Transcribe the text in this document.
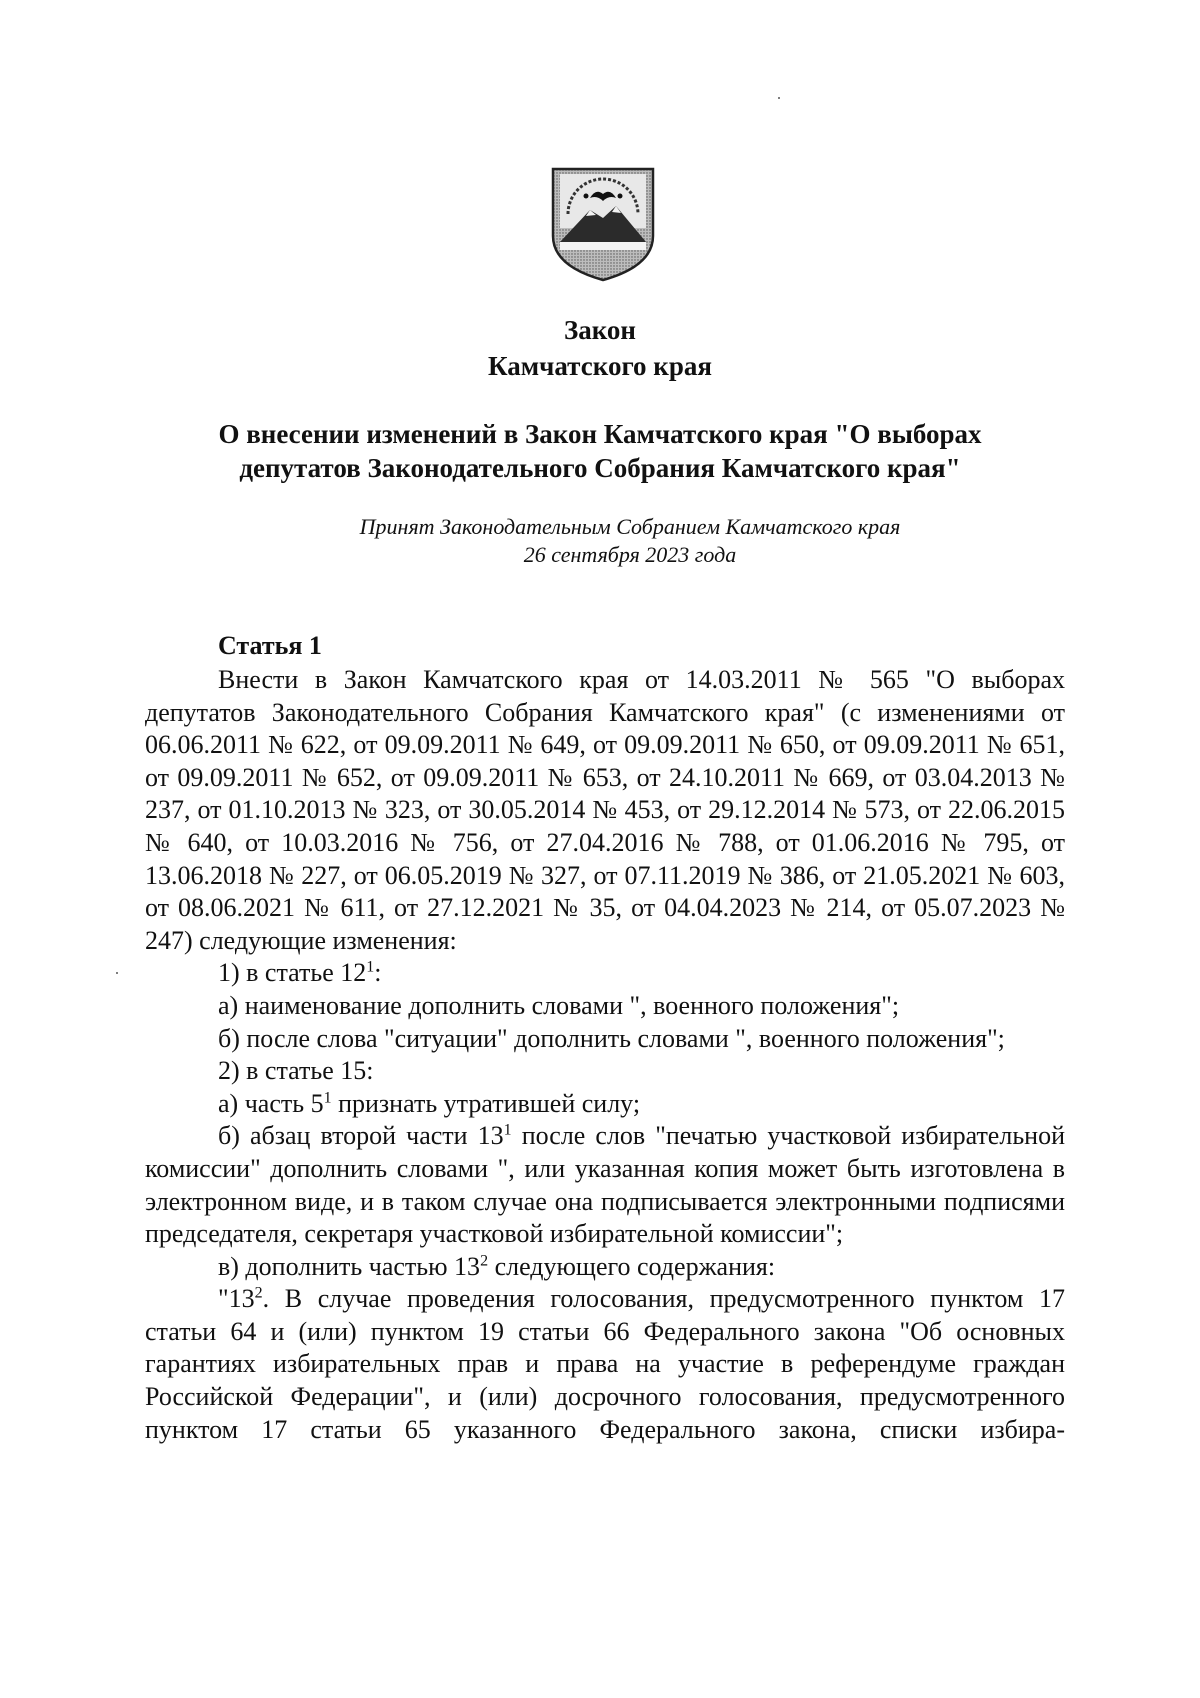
Закон
Камчатского края
О внесении изменений в Закон Камчатского края "О выборах
депутатов Законодательного Собрания Камчатского края"
Принят Законодательным Собранием Камчатского края
26 сентября 2023 года
Статья 1

Внести в Закон Камчатского края от 14.03.2011 № 565 "О выборах депутатов Законодательного Собрания Камчатского края" (с изменениями от 06.06.2011 № 622, от 09.09.2011 № 649, от 09.09.2011 № 650, от 09.09.2011 № 651, от 09.09.2011 № 652, от 09.09.2011 № 653, от 24.10.2011 № 669, от 03.04.2013 № 237, от 01.10.2013 № 323, от 30.05.2014 № 453, от 29.12.2014 № 573, от 22.06.2015 № 640, от 10.03.2016 № 756, от 27.04.2016 № 788, от 01.06.2016 № 795, от 13.06.2018 № 227, от 06.05.2019 № 327, от 07.11.2019 № 386, от 21.05.2021 № 603, от 08.06.2021 № 611, от 27.12.2021 № 35, от 04.04.2023 № 214, от 05.07.2023 № 247) следующие изменения:

1) в статье $12^1$:

а) наименование дополнить словами ", военного положения";

б) после слова "ситуации" дополнить словами ", военного положения";

2) в статье 15:

а) часть $5^1$ признать утратившей силу;

б) абзац второй части $13^1$ после слов "печатью участковой избирательной комиссии" дополнить словами ", или указанная копия может быть изготовлена в электронном виде, и в таком случае она подписывается электронными подписями председателя, секретаря участковой избирательной комиссии";

в) дополнить частью $13^2$ следующего содержания:

"$13^2$. В случае проведения голосования, предусмотренного пунктом 17 статьи 64 и (или) пунктом 19 статьи 66 Федерального закона "Об основных гарантиях избирательных прав и права на участие в референдуме граждан Российской Федерации", и (или) досрочного голосования, предусмотренного пунктом 17 статьи 65 указанного Федерального закона, списки избира-
